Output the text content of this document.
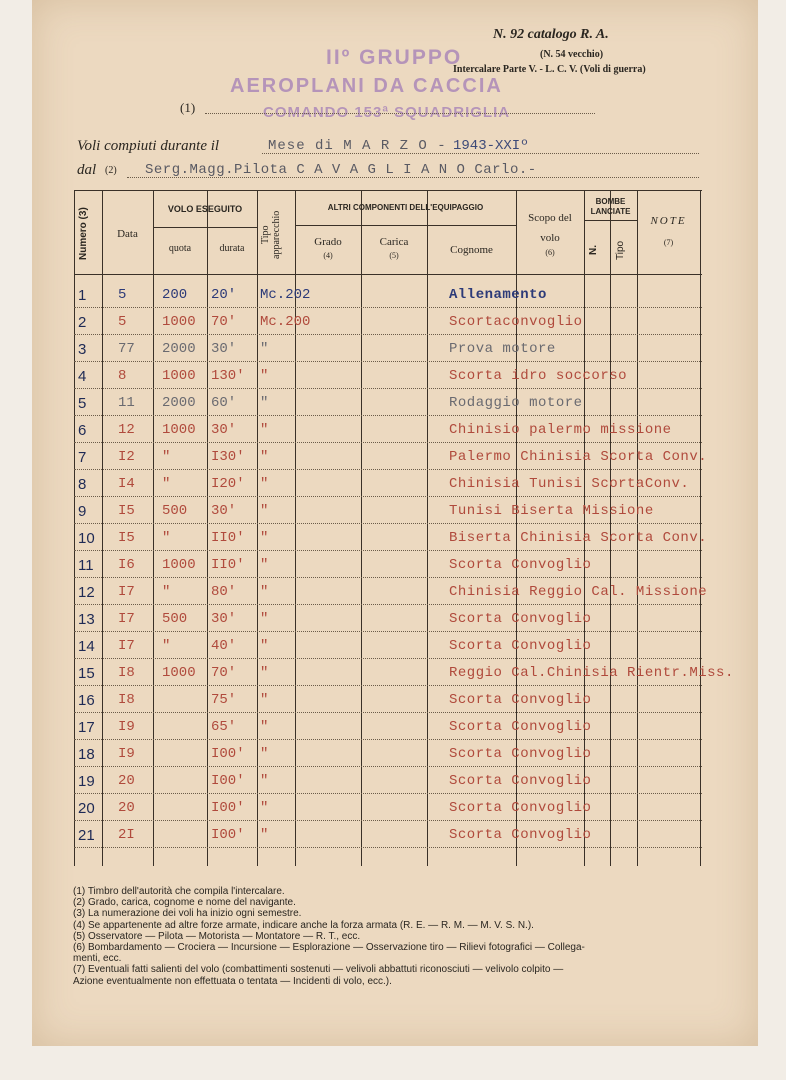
N. 92 catalogo R. A.
(N. 54 vecchio)
Intercalare Parte V. - L. C. V. (Voli di guerra)
IIº GRUPPO
AEROPLANI DA CACCIA
COMANDO 153ª SQUADRIGLIA
(1)
Voli compiuti durante il	Mese di M A R Z O - 1943-XXIº
dal (2) Serg.Magg.Pilota C A V A G L I A N O Carlo.-
Numero (3)	Data
VOLO ESEGUITO
quota	durata
Tipo apparecchio
ALTRI COMPONENTI DELL'EQUIPAGGIO
Grado
(4)
Carica
(5)	Cognome
Scopo del volo
(6)
BOMBE LANCIATE
N.	Tipo
NOTE
(7)
1 5	200 20' Mc.202	Allenamento
2 5	1000 70' Mc.200	Scortaconvoglio
3 77 2000 30' "	Prova motore
4 8	1000 130' "	Scorta idro soccorso
5 11 2000 60' "	Rodaggio motore
6 12 1000 30' "	Chinisio palermo missione
7 I2 "	I30' "	Palermo Chinisia Scorta Conv.
8 I4 "	I20' "	Chinisia Tunisi ScortaConv.
9 I5 500 30' "	Tunisi Biserta Missione
10 I5 "	II0' "	Biserta Chinisia Scorta Conv.
11 I6 1000 II0' "	Scorta Convoglio
12 I7 "	80' "	Chinisia Reggio Cal. Missione
13 I7 500 30' "	Scorta Convoglio
14 I7 "	40' "	Scorta Convoglio
15 I8 1000 70' "	Reggio Cal.Chinisia Rientr.Miss.
16 I8	75' "	Scorta Convoglio
17 I9	65' "	Scorta Convoglio
18 I9	I00' "	Scorta Convoglio
19 20	I00' "	Scorta Convoglio
20 20	I00' "	Scorta Convoglio
21 2I	I00' "	Scorta Convoglio
(1) Timbro dell'autorità che compila l'intercalare.
(2) Grado, carica, cognome e nome del navigante.
(3) La numerazione dei voli ha inizio ogni semestre.
(4) Se appartenente ad altre forze armate, indicare anche la forza armata (R. E. — R. M. — M. V. S. N.).
(5) Osservatore — Pilota — Motorista — Montatore — R. T., ecc.
(6) Bombardamento — Crociera — Incursione — Esplorazione — Osservazione tiro — Rilievi fotografici — Collega-
menti, ecc.
(7) Eventuali fatti salienti del volo (combattimenti sostenuti — velivoli abbattuti riconosciuti — velivolo colpito —
Azione eventualmente non effettuata o tentata — Incidenti di volo, ecc.).
